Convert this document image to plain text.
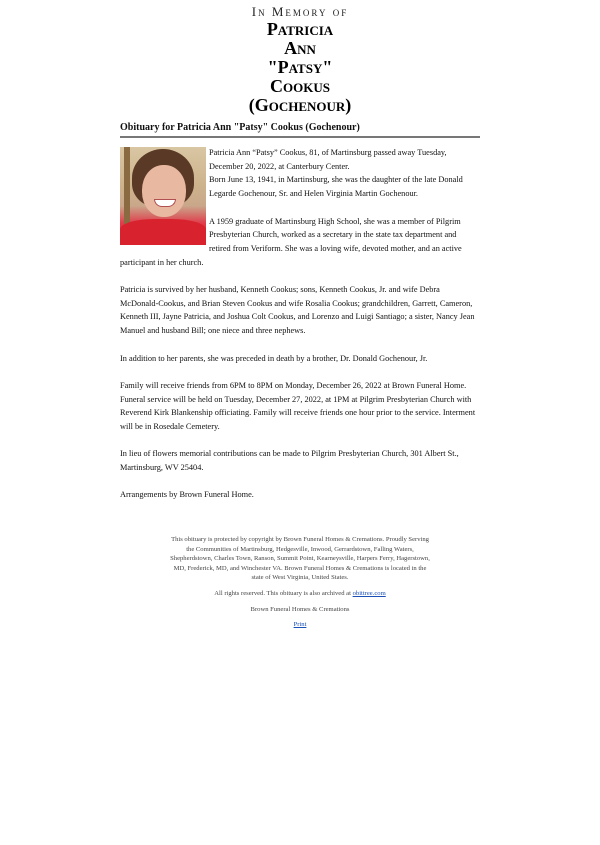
In Memory of
Patricia
Ann
"Patsy"
Cookus
(Gochenour)
Obituary for Patricia Ann "Patsy" Cookus (Gochenour)
Patricia Ann “Patsy” Cookus, 81, of Martinsburg passed away Tuesday, December 20, 2022, at Canterbury Center.

Born June 13, 1941, in Martinsburg, she was the daughter of the late Donald Legarde Gochenour, Sr. and Helen Virginia Martin Gochenour.

A 1959 graduate of Martinsburg High School, she was a member of Pilgrim Presbyterian Church, worked as a secretary in the state tax department and retired from Veriform. She was a loving wife, devoted mother, and an active participant in her church.

Patricia is survived by her husband, Kenneth Cookus; sons, Kenneth Cookus, Jr. and wife Debra McDonald-Cookus, and Brian Steven Cookus and wife Rosalia Cookus; grandchildren, Garrett, Cameron, Kenneth III, Jayne Patricia, and Joshua Colt Cookus, and Lorenzo and Luigi Santiago; a sister, Nancy Jean Manuel and husband Bill; one niece and three nephews.

In addition to her parents, she was preceded in death by a brother, Dr. Donald Gochenour, Jr.

Family will receive friends from 6PM to 8PM on Monday, December 26, 2022 at Brown Funeral Home. Funeral service will be held on Tuesday, December 27, 2022, at 1PM at Pilgrim Presbyterian Church with Reverend Kirk Blankenship officiating. Family will receive friends one hour prior to the service. Interment will be in Rosedale Cemetery.

In lieu of flowers memorial contributions can be made to Pilgrim Presbyterian Church, 301 Albert St., Martinsburg, WV 25404.

Arrangements by Brown Funeral Home.

This obituary is protected by copyright by Brown Funeral Homes & Cremations. Proudly Serving the Communities of Martinsburg, Hedgesville, Inwood, Gerrardstown, Falling Waters, Shepherdstown, Charles Town, Ranson, Summit Point, Kearneysville, Harpers Ferry, Hagerstown, MD, Frederick, MD, and Winchester VA. Brown Funeral Homes & Cremations is located in the state of West Virginia, United States.

All rights reserved. This obituary is also archived at obittree.com

Brown Funeral Homes & Cremations

Print
